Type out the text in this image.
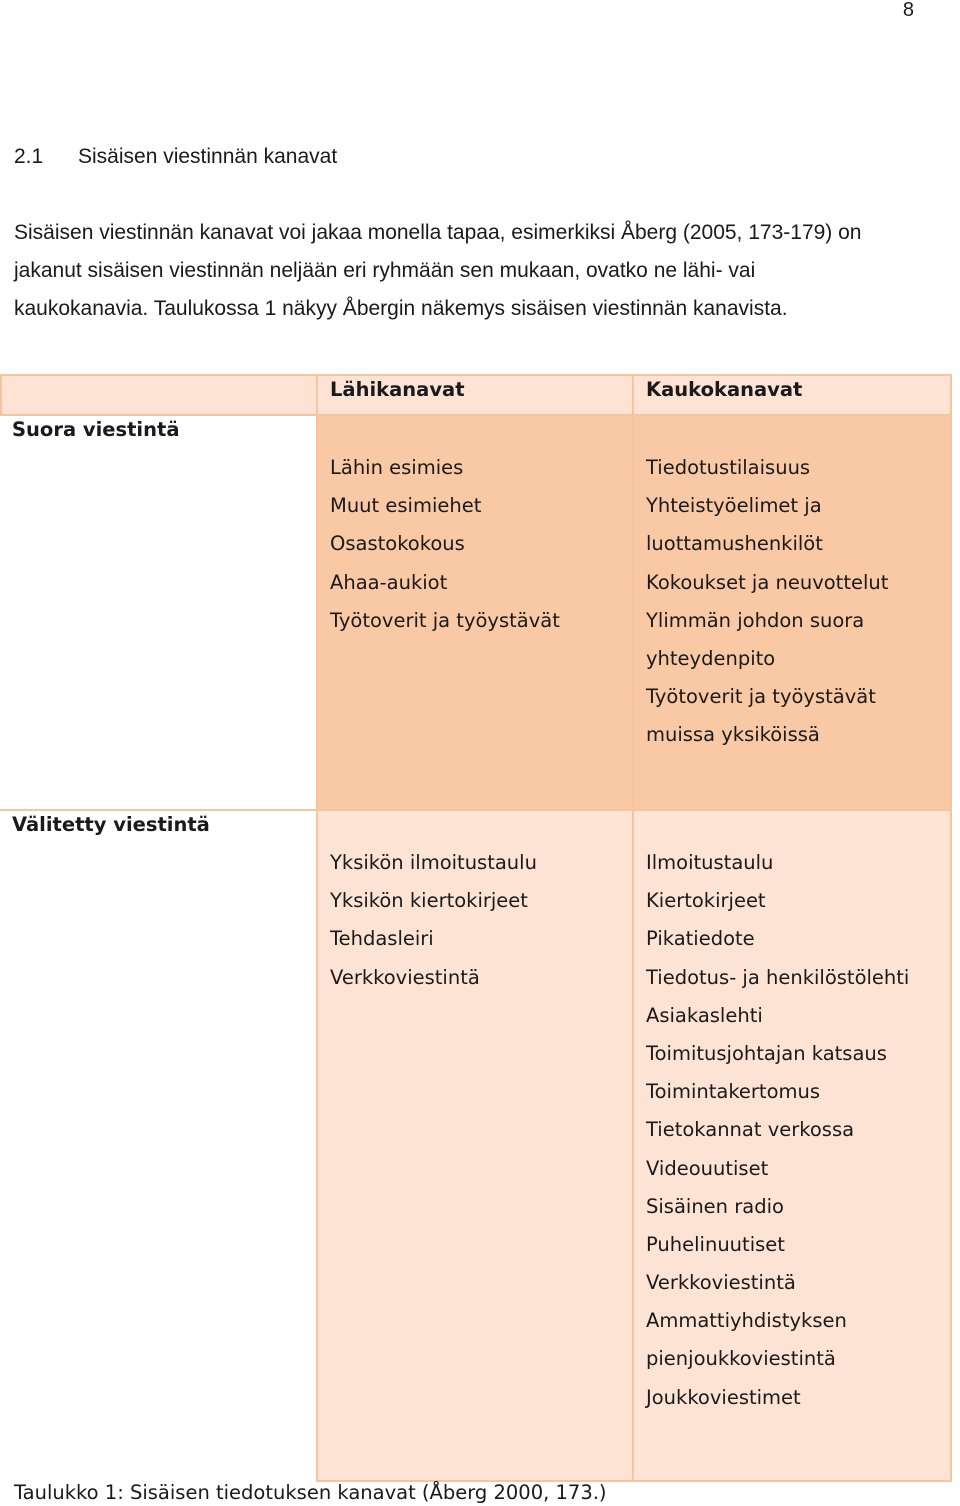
8
2.1 Sisäisen viestinnän kanavat

Sisäisen viestinnän kanavat voi jakaa monella tapaa, esimerkiksi Åberg (2005, 173-179) on

jakanut sisäisen viestinnän neljään eri ryhmään sen mukaan, ovatko ne lähi- vai

kaukokanavia. Taulukossa 1 näkyy Åbergin näkemys sisäisen viestinnän kanavista.

Lähikanavat	Kaukokanavat
Suora viestintä
Lähin esimies
Muut esimiehet
Osastokokous
Ahaa-aukiot
Työtoverit ja työystävät
Tiedotustilaisuus
Yhteistyöelimet ja
luottamushenkilöt
Kokoukset ja neuvottelut
Ylimmän johdon suora
yhteydenpito
Työtoverit ja työystävät
muissa yksiköissä
Välitetty viestintä
Yksikön ilmoitustaulu
Yksikön kiertokirjeet
Tehdasleiri
Verkkoviestintä
Ilmoitustaulu
Kiertokirjeet
Pikatiedote
Tiedotus- ja henkilöstölehti
Asiakaslehti
Toimitusjohtajan katsaus
Toimintakertomus
Tietokannat verkossa
Videouutiset
Sisäinen radio
Puhelinuutiset
Verkkoviestintä
Ammattiyhdistyksen
pienjoukkoviestintä
Joukkoviestimet
Taulukko 1: Sisäisen tiedotuksen kanavat (Åberg 2000, 173.)
